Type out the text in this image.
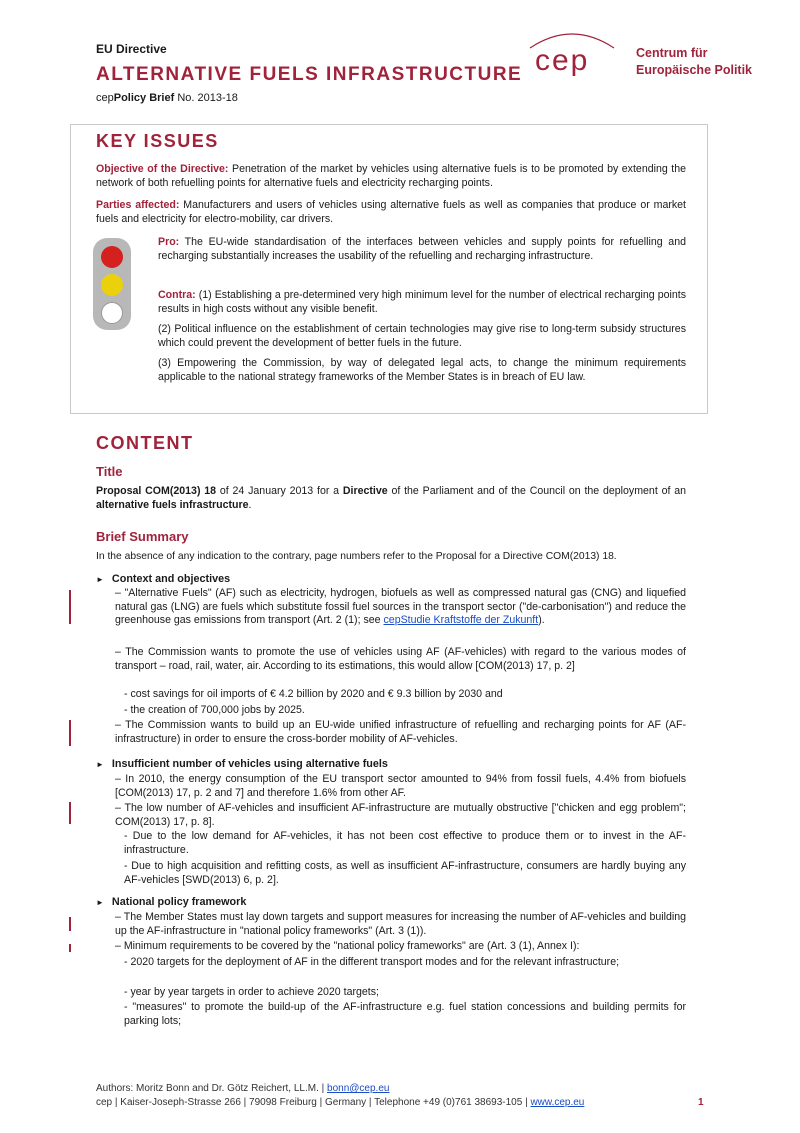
EU Directive
ALTERNATIVE FUELS INFRASTRUCTURE
cepPolicy Brief No. 2013-18
cep	Centrum für
Europäische Politik
KEY ISSUES
Objective of the Directive: Penetration of the market by vehicles using alternative fuels is to be promoted by extending the network of both refuelling points for alternative fuels and electricity recharging points.
Parties affected: Manufacturers and users of vehicles using alternative fuels as well as companies that produce or market fuels and electricity for electro-mobility, car drivers.
Pro: The EU-wide standardisation of the interfaces between vehicles and supply points for refuelling and recharging substantially increases the usability of the refuelling and recharging infrastructure.
Contra: (1) Establishing a pre-determined very high minimum level for the number of electrical recharging points results in high costs without any visible benefit.
(2) Political influence on the establishment of certain technologies may give rise to long-term subsidy structures which could prevent the development of better fuels in the future.
(3) Empowering the Commission, by way of delegated legal acts, to change the minimum requirements applicable to the national strategy frameworks of the Member States is in breach of EU law.
CONTENT
Title
Proposal COM(2013) 18 of 24 January 2013 for a Directive of the Parliament and of the Council on the deployment of an alternative fuels infrastructure.
Brief Summary
In the absence of any indication to the contrary, page numbers refer to the Proposal for a Directive COM(2013) 18.
► Context and objectives
– "Alternative Fuels" (AF) such as electricity, hydrogen, biofuels as well as compressed natural gas (CNG) and liquefied natural gas (LNG) are fuels which substitute fossil fuel sources in the transport sector ("de-carbonisation") and reduce the greenhouse gas emissions from transport (Art. 2 (1); see cepStudie Kraftstoffe der Zukunft).
– The Commission wants to promote the use of vehicles using AF (AF-vehicles) with regard to the various modes of transport – road, rail, water, air. According to its estimations, this would allow [COM(2013) 17, p. 2]
- cost savings for oil imports of € 4.2 billion by 2020 and € 9.3 billion by 2030 and
- the creation of 700,000 jobs by 2025.
– The Commission wants to build up an EU-wide unified infrastructure of refuelling and recharging points for AF (AF-infrastructure) in order to ensure the cross-border mobility of AF-vehicles.
► Insufficient number of vehicles using alternative fuels
– In 2010, the energy consumption of the EU transport sector amounted to 94% from fossil fuels, 4.4% from biofuels [COM(2013) 17, p. 2 and 7] and therefore 1.6% from other AF.
– The low number of AF-vehicles and insufficient AF-infrastructure are mutually obstructive ["chicken and egg problem"; COM(2013) 17, p. 8].
- Due to the low demand for AF-vehicles, it has not been cost effective to produce them or to invest in the AF-infrastructure.
- Due to high acquisition and refitting costs, as well as insufficient AF-infrastructure, consumers are hardly buying any AF-vehicles [SWD(2013) 6, p. 2].
► National policy framework
– The Member States must lay down targets and support measures for increasing the number of AF-vehicles and building up the AF-infrastructure in "national policy frameworks" (Art. 3 (1)).
– Minimum requirements to be covered by the "national policy frameworks" are (Art. 3 (1), Annex I):
- 2020 targets for the deployment of AF in the different transport modes and for the relevant infrastructure;
- year by year targets in order to achieve 2020 targets;
- "measures" to promote the build-up of the AF-infrastructure e.g. fuel station concessions and building permits for parking lots;
Authors: Moritz Bonn and Dr. Götz Reichert, LL.M. | bonn@cep.eu
cep | Kaiser-Joseph-Strasse 266 | 79098 Freiburg | Germany | Telephone +49 (0)761 38693-105 | www.cep.eu	1
